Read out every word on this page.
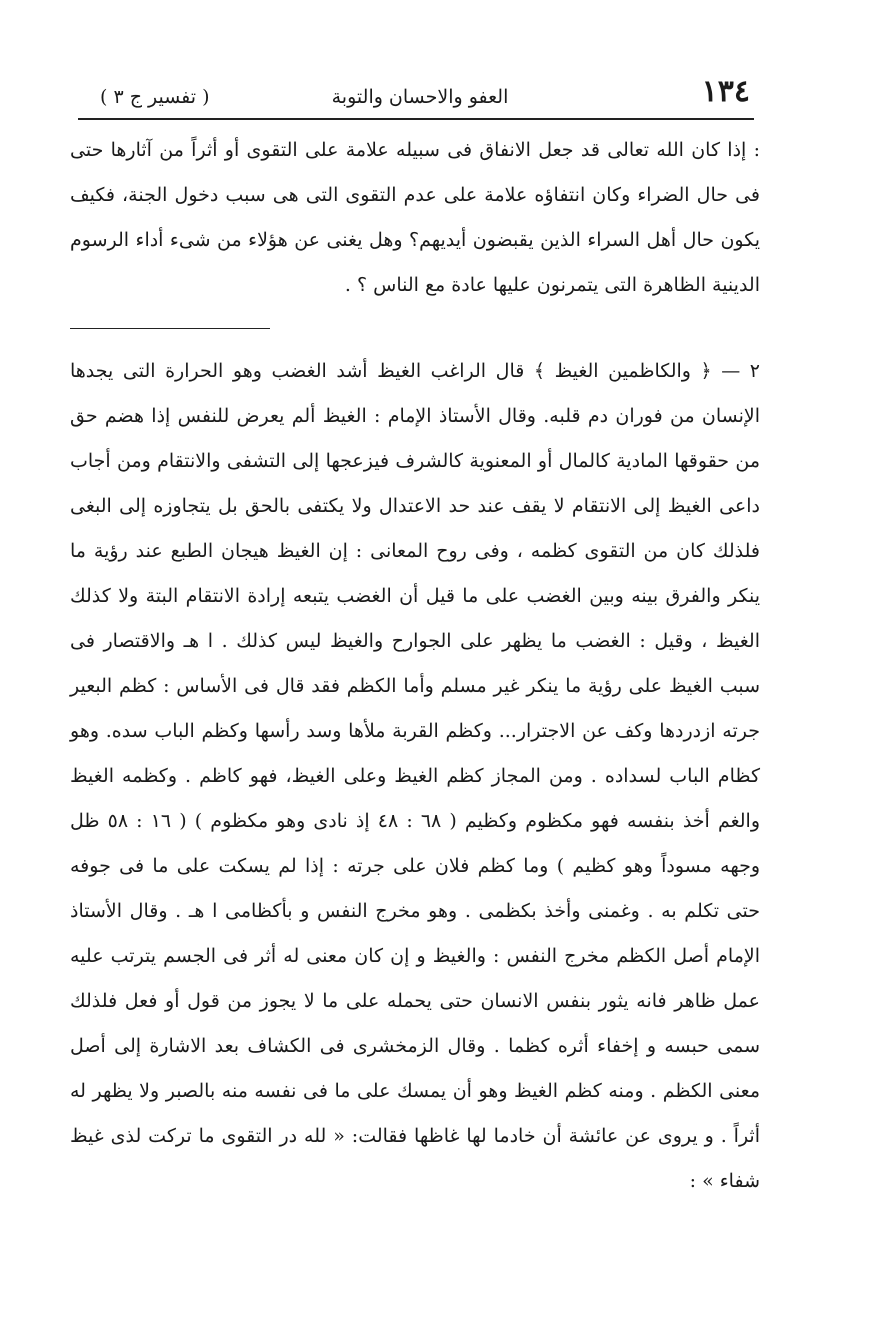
١٣٤
العفو والاحسان والتوبة
( تفسير ج ٣ )

: إذا كان الله تعالى قد جعل الانفاق فى سبيله علامة على التقوى أو أثراً من آثارها حتى فى حال الضراء وكان انتفاؤه علامة على عدم التقوى التى هى سبب دخول الجنة، فكيف يكون حال أهل السراء الذين يقبضون أيديهم؟ وهل يغنى عن هؤلاء من شىء أداء الرسوم الدينية الظاهرة التى يتمرنون عليها عادة مع الناس ؟ .

٢ — ﴿ والكاظمين الغيظ ﴾ قال الراغب الغيظ أشد الغضب وهو الحرارة التى يجدها الإنسان من فوران دم قلبه. وقال الأستاذ الإمام : الغيظ ألم يعرض للنفس إذا هضم حق من حقوقها المادية كالمال أو المعنوية كالشرف فيزعجها إلى التشفى والانتقام ومن أجاب داعى الغيظ إلى الانتقام لا يقف عند حد الاعتدال ولا يكتفى بالحق بل يتجاوزه إلى البغى فلذلك كان من التقوى كظمه ، وفى روح المعانى : إن الغيظ هيجان الطبع عند رؤية ما ينكر والفرق بينه وبين الغضب على ما قيل أن الغضب يتبعه إرادة الانتقام البتة ولا كذلك الغيظ ، وقيل : الغضب ما يظهر على الجوارح والغيظ ليس كذلك . ا هـ والاقتصار فى سبب الغيظ على رؤية ما ينكر غير مسلم وأما الكظم فقد قال فى الأساس : كظم البعير جرته ازدردها وكف عن الاجترار... وكظم القربة ملأها وسد رأسها وكظم الباب سده. وهو كظام الباب لسداده . ومن المجاز كظم الغيظ وعلى الغيظ، فهو كاظم . وكظمه الغيظ والغم أخذ بنفسه فهو مكظوم وكظيم ( ٦٨ : ٤٨ إذ نادى وهو مكظوم ) ( ١٦ : ٥٨ ظل وجهه مسوداً وهو كظيم ) وما كظم فلان على جرته : إذا لم يسكت على ما فى جوفه حتى تكلم به . وغمنى وأخذ بكظمى . وهو مخرج النفس و بأكظامى ا هـ . وقال الأستاذ الإمام أصل الكظم مخرج النفس : والغيظ و إن كان معنى له أثر فى الجسم يترتب عليه عمل ظاهر فانه يثور بنفس الانسان حتى يحمله على ما لا يجوز من قول أو فعل فلذلك سمى حبسه و إخفاء أثره كظما . وقال الزمخشرى فى الكشاف بعد الاشارة إلى أصل معنى الكظم . ومنه كظم الغيظ وهو أن يمسك على ما فى نفسه منه بالصبر ولا يظهر له أثراً . و يروى عن عائشة أن خادما لها غاظها فقالت: « لله در التقوى ما تركت لذى غيظ شفاء » :
